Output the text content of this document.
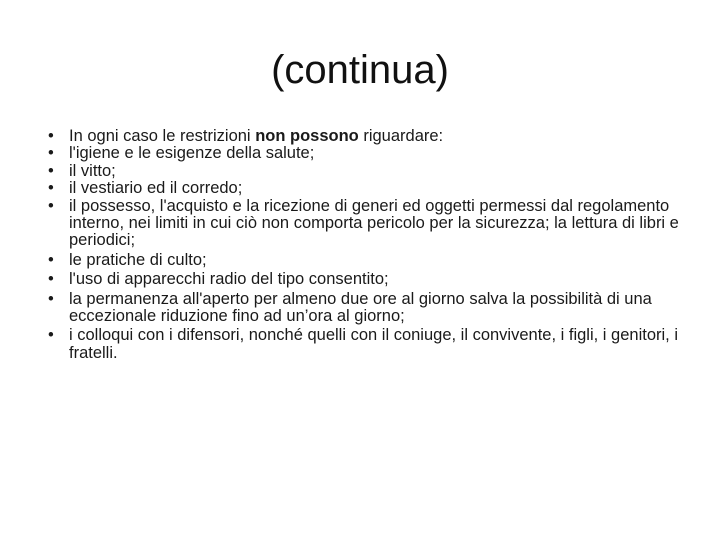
(continua)
• In ogni caso le restrizioni non possono riguardare:
• l'igiene e le esigenze della salute;
• il vitto;
• il vestiario ed il corredo;
• il possesso, l'acquisto e la ricezione di generi ed oggetti permessi dal regolamento interno, nei limiti in cui ciò non comporta pericolo per la sicurezza; la lettura di libri e periodici;
• le pratiche di culto;
• l'uso di apparecchi radio del tipo consentito;
• la permanenza all'aperto per almeno due ore al giorno salva la possibilità di una eccezionale riduzione fino ad un’ora al giorno;
• i colloqui con i difensori, nonché quelli con il coniuge, il convivente, i figli, i genitori, i fratelli.
